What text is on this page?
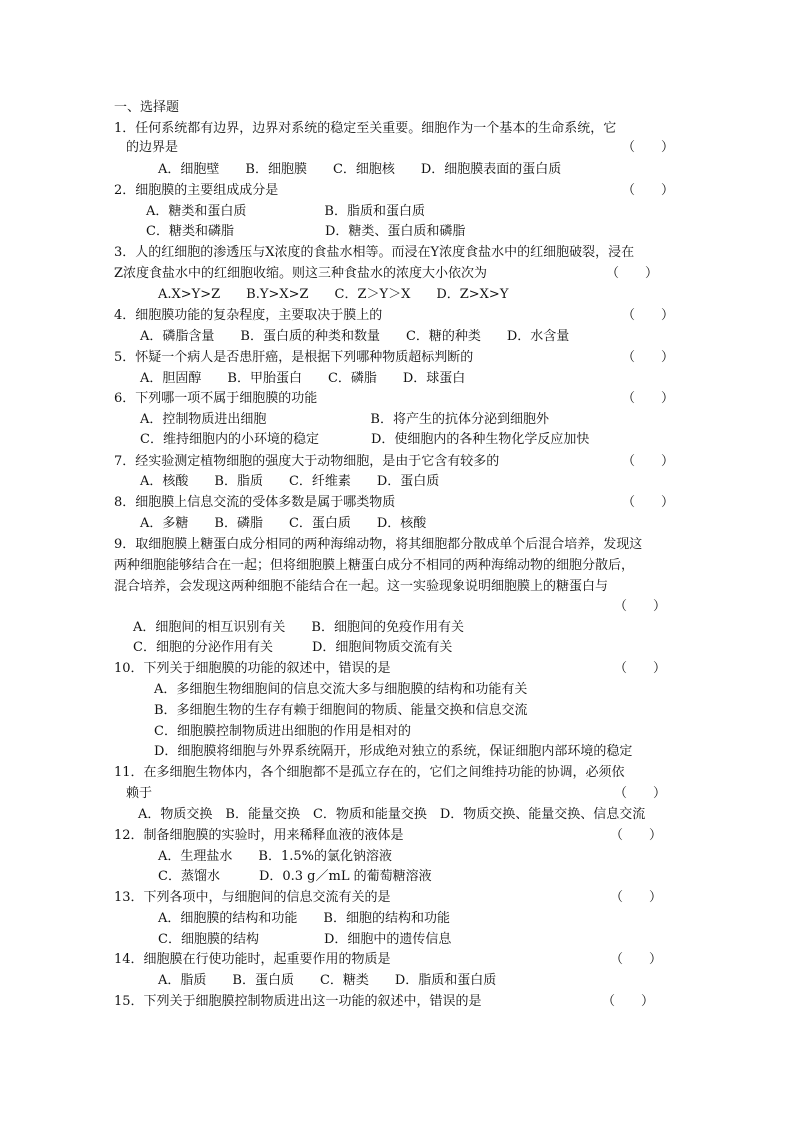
一、选择题
1．任何系统都有边界，边界对系统的稳定至关重要。细胞作为一个基本的生命系统，它
的边界是	（　　）
A．细胞壁　　B．细胞膜　　C．细胞核　　D．细胞膜表面的蛋白质
2．细胞膜的主要组成成分是	（　　）
A．糖类和蛋白质　　　　　　B．脂质和蛋白质
C．糖类和磷脂　　　　　　　D．糖类、蛋白质和磷脂
3．人的红细胞的渗透压与X浓度的食盐水相等。而浸在Y浓度食盐水中的红细胞破裂，浸在
Z浓度食盐水中的红细胞收缩。则这三种食盐水的浓度大小依次为	（　　）
A.X>Y>Z　　B.Y>X>Z　　C．Z＞Y＞X　　D．Z>X>Y
4．细胞膜功能的复杂程度，主要取决于膜上的	（　　）
A．磷脂含量　　B．蛋白质的种类和数量　　C．糖的种类　　D．水含量
5．怀疑一个病人是否患肝癌，是根据下列哪种物质超标判断的	（　　）
A．胆固醇　　B．甲胎蛋白　　C．磷脂　　D．球蛋白
6．下列哪一项不属于细胞膜的功能	（　　）
A．控制物质进出细胞　　　　　　　　B．将产生的抗体分泌到细胞外
C．维持细胞内的小环境的稳定　　　　D．使细胞内的各种生物化学反应加快
7．经实验测定植物细胞的强度大于动物细胞，是由于它含有较多的	（　　）
A．核酸　　B．脂质　　C．纤维素　　D．蛋白质
8．细胞膜上信息交流的受体多数是属于哪类物质	（　　）
A．多糖　　B．磷脂　　C．蛋白质　　D．核酸
9．取细胞膜上糖蛋白成分相同的两种海绵动物，将其细胞都分散成单个后混合培养，发现这
两种细胞能够结合在一起；但将细胞膜上糖蛋白成分不相同的两种海绵动物的细胞分散后，
混合培养，会发现这两种细胞不能结合在一起。这一实验现象说明细胞膜上的糖蛋白与
（　　）
A．细胞间的相互识别有关　　B．细胞间的免疫作用有关
C．细胞的分泌作用有关　　　D．细胞间物质交流有关
10．下列关于细胞膜的功能的叙述中，错误的是	（　　）
A．多细胞生物细胞间的信息交流大多与细胞膜的结构和功能有关
B．多细胞生物的生存有赖于细胞间的物质、能量交换和信息交流
C．细胞膜控制物质进出细胞的作用是相对的
D．细胞膜将细胞与外界系统隔开，形成绝对独立的系统，保证细胞内部环境的稳定
11．在多细胞生物体内，各个细胞都不是孤立存在的，它们之间维持功能的协调，必须依
赖于	（　　）
A．物质交换　B．能量交换　C．物质和能量交换　D．物质交换、能量交换、信息交流
12．制备细胞膜的实验时，用来稀释血液的液体是	（　　）
A．生理盐水　　B．1.5%的氯化钠溶液
C．蒸馏水　　　D．0.3 g／mL 的葡萄糖溶液
13．下列各项中，与细胞间的信息交流有关的是	（　　）
A．细胞膜的结构和功能　　B．细胞的结构和功能
C．细胞膜的结构　　　　　D．细胞中的遗传信息
14．细胞膜在行使功能时，起重要作用的物质是	（　　）
A．脂质　　B．蛋白质　　C．糖类　　D．脂质和蛋白质
15．下列关于细胞膜控制物质进出这一功能的叙述中，错误的是	（　　）
